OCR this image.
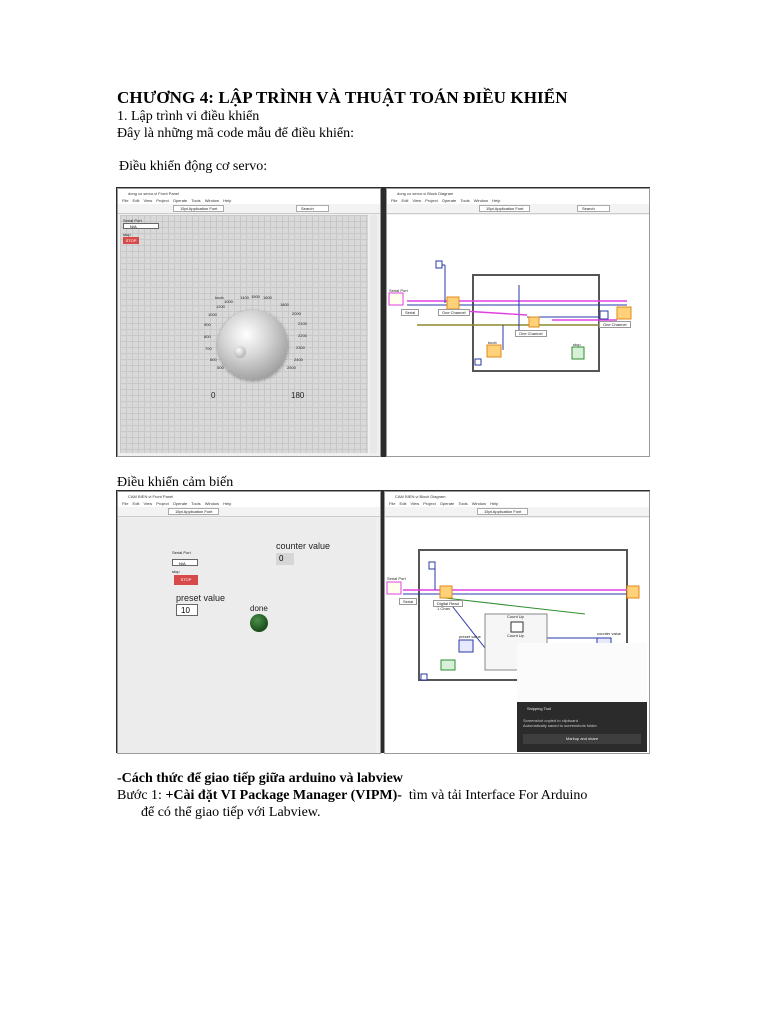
CHƯƠNG 4: LẬP TRÌNH VÀ THUẬT TOÁN ĐIỀU KHIỂN
1. Lập trình vi điều khiển
Đây là những mã code mẫu để điều khiển:
Điều khiển động cơ servo:
dong co servo.vi Front Panel
File Edit View Project Operate Tools Window Help
15pt Application Font	Search
Serial Port
N/A
stop
STOP
knob
1000
1400 1500 1600
1200	1800
2000
2100
2200
2300
2400
2500
500
600
700
800
900
1000
0	180
dong co servo.vi Block Diagram
File Edit View Project Operate Tools Window Help
15pt Application Font	Search
Serial Port
Serial	One Channel
One Channel
One Channel
knob	stop
Điều khiển cảm biến
CAM BIEN.vi Front Panel
File Edit View Project Operate Tools Window Help
15pt Application Font
Serial Port
N/A
stop
STOP
counter value
0
preset value
10	done
CAM BIEN.vi Block Diagram
File Edit View Project Operate Tools Window Help
15pt Application Font
Serial Port
Serial	Digital Read
1 Chan
Count Up
Count Up
preset value
counter value
Snipping Tool
Screenshot copied to clipboard
Automatically saved to screenshots folder.
Markup and share
-Cách thức để giao tiếp giữa arduino và labview
Bước 1: +Cài đặt VI Package Manager (VIPM)-  tìm và tải Interface For Arduino
để có thể giao tiếp với Labview.
